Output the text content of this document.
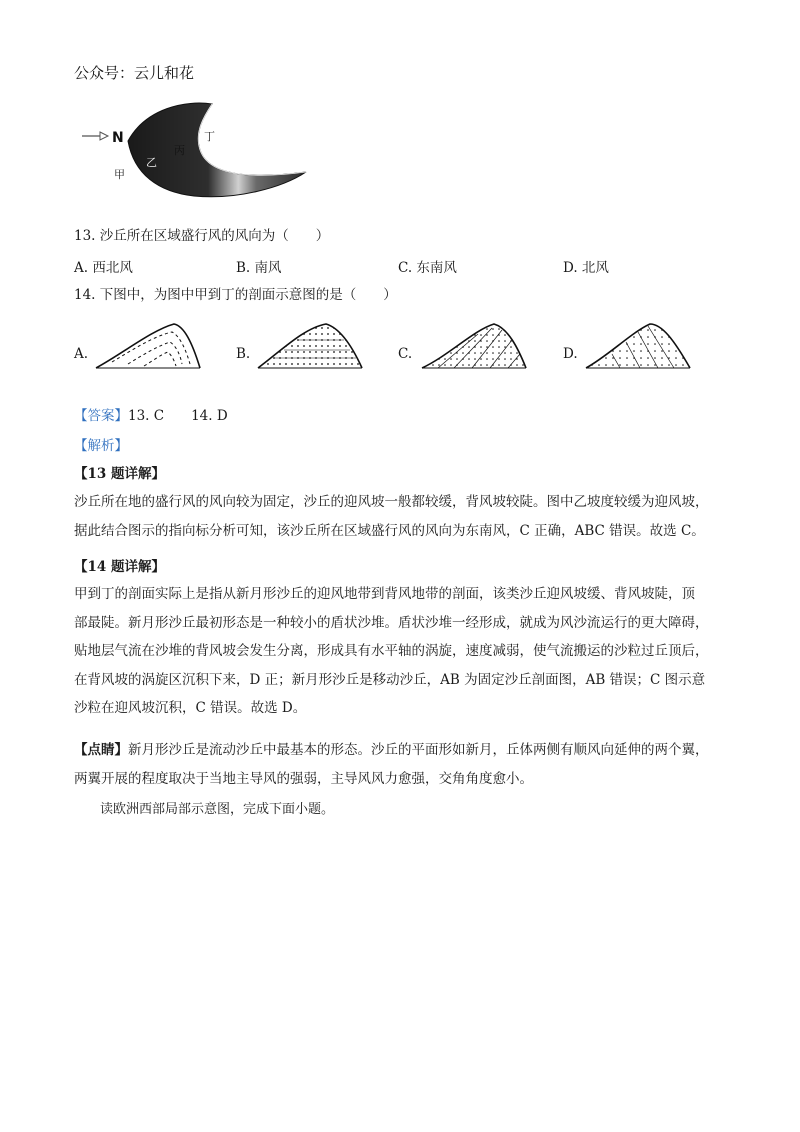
公众号：云儿和花
N
甲
乙
丙
丁
13. 沙丘所在区域盛行风的风向为（　　）
A. 西北风	B. 南风	C. 东南风	D. 北风
14. 下图中，为图中甲到丁的剖面示意图的是（　　）
A.	B.	C.	D.
【答案】13. C　　14. D
【解析】
【13 题详解】
沙丘所在地的盛行风的风向较为固定，沙丘的迎风坡一般都较缓，背风坡较陡。图中乙坡度较缓为迎风坡，
据此结合图示的指向标分析可知，该沙丘所在区域盛行风的风向为东南风，C 正确，ABC 错误。故选 C。
【14 题详解】
甲到丁的剖面实际上是指从新月形沙丘的迎风地带到背风地带的剖面，该类沙丘迎风坡缓、背风坡陡，顶
部最陡。新月形沙丘最初形态是一种较小的盾状沙堆。盾状沙堆一经形成，就成为风沙流运行的更大障碍，
贴地层气流在沙堆的背风坡会发生分离，形成具有水平轴的涡旋，速度减弱，使气流搬运的沙粒过丘顶后，
在背风坡的涡旋区沉积下来，D 正；新月形沙丘是移动沙丘，AB 为固定沙丘剖面图，AB 错误；C 图示意
沙粒在迎风坡沉积，C 错误。故选 D。
【点睛】新月形沙丘是流动沙丘中最基本的形态。沙丘的平面形如新月，丘体两侧有顺风向延伸的两个翼，
两翼开展的程度取决于当地主导风的强弱，主导风风力愈强，交角角度愈小。
读欧洲西部局部示意图，完成下面小题。
